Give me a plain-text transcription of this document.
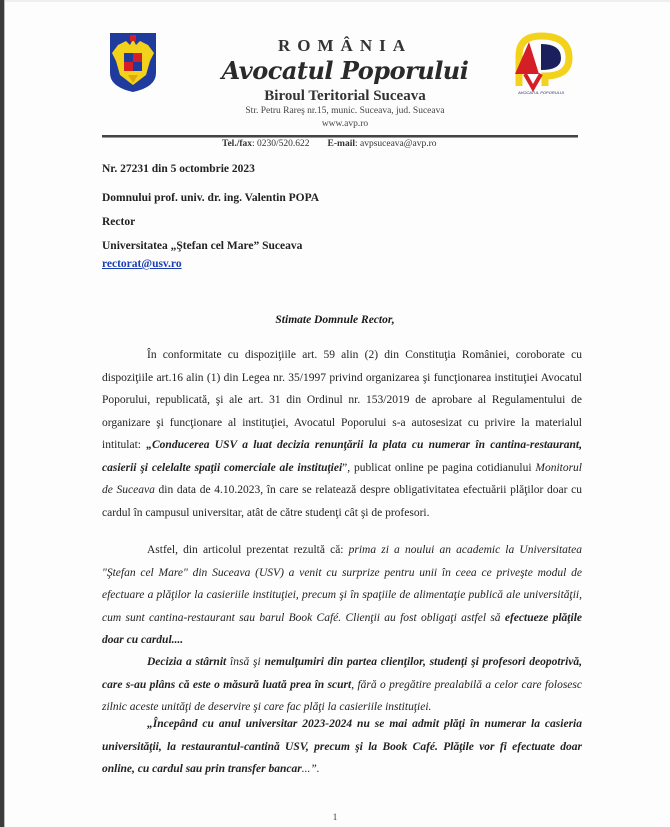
AVOCATUL POPORULUI
ROMÂNIA
Avocatul Poporului
Biroul Teritorial Suceava
Str. Petru Rareş nr.15, munic. Suceava, jud. Suceava
www.avp.ro
Tel./fax: 0230/520.622 E-mail: avpsuceava@avp.ro
Nr. 27231 din 5 octombrie 2023
Domnului prof. univ. dr. ing. Valentin POPA
Rector
Universitatea „Ştefan cel Mare” Suceava
rectorat@usv.ro
Stimate Domnule Rector,
În conformitate cu dispoziţiile art. 59 alin (2) din Constituţia României, coroborate cu dispoziţiile art.16 alin (1) din Legea nr. 35/1997 privind organizarea şi funcţionarea instituţiei Avocatul Poporului, republicată, şi ale art. 31 din Ordinul nr. 153/2019 de aprobare al Regulamentului de organizare şi funcţionare al instituţiei, Avocatul Poporului s-a autosesizat cu privire la materialul intitulat: „Conducerea USV a luat decizia renunţării la plata cu numerar în cantina-restaurant, casierii şi celelalte spaţii comerciale ale instituţiei”, publicat online pe pagina cotidianului Monitorul de Suceava din data de 4.10.2023, în care se relatează despre obligativitatea efectuării plăţilor doar cu cardul în campusul universitar, atât de către studenţi cât şi de profesori.
Astfel, din articolul prezentat rezultă că: prima zi a noului an academic la Universitatea "Ştefan cel Mare" din Suceava (USV) a venit cu surprize pentru unii în ceea ce priveşte modul de efectuare a plăţilor la casieriile instituţiei, precum şi în spaţiile de alimentaţie publică ale universităţii, cum sunt cantina-restaurant sau barul Book Café. Clienţii au fost obligaţi astfel să efectueze plăţile doar cu cardul....
Decizia a stârnit însă şi nemulţumiri din partea clienţilor, studenţi şi profesori deopotrivă, care s-au plâns că este o măsură luată prea în scurt, fără o pregătire prealabilă a celor care folosesc zilnic aceste unităţi de deservire şi care fac plăţi la casieriile instituţiei.
„Începând cu anul universitar 2023-2024 nu se mai admit plăţi în numerar la casieria universităţii, la restaurantul-cantină USV, precum şi la Book Café. Plăţile vor fi efectuate doar online, cu cardul sau prin transfer bancar...”.
1
